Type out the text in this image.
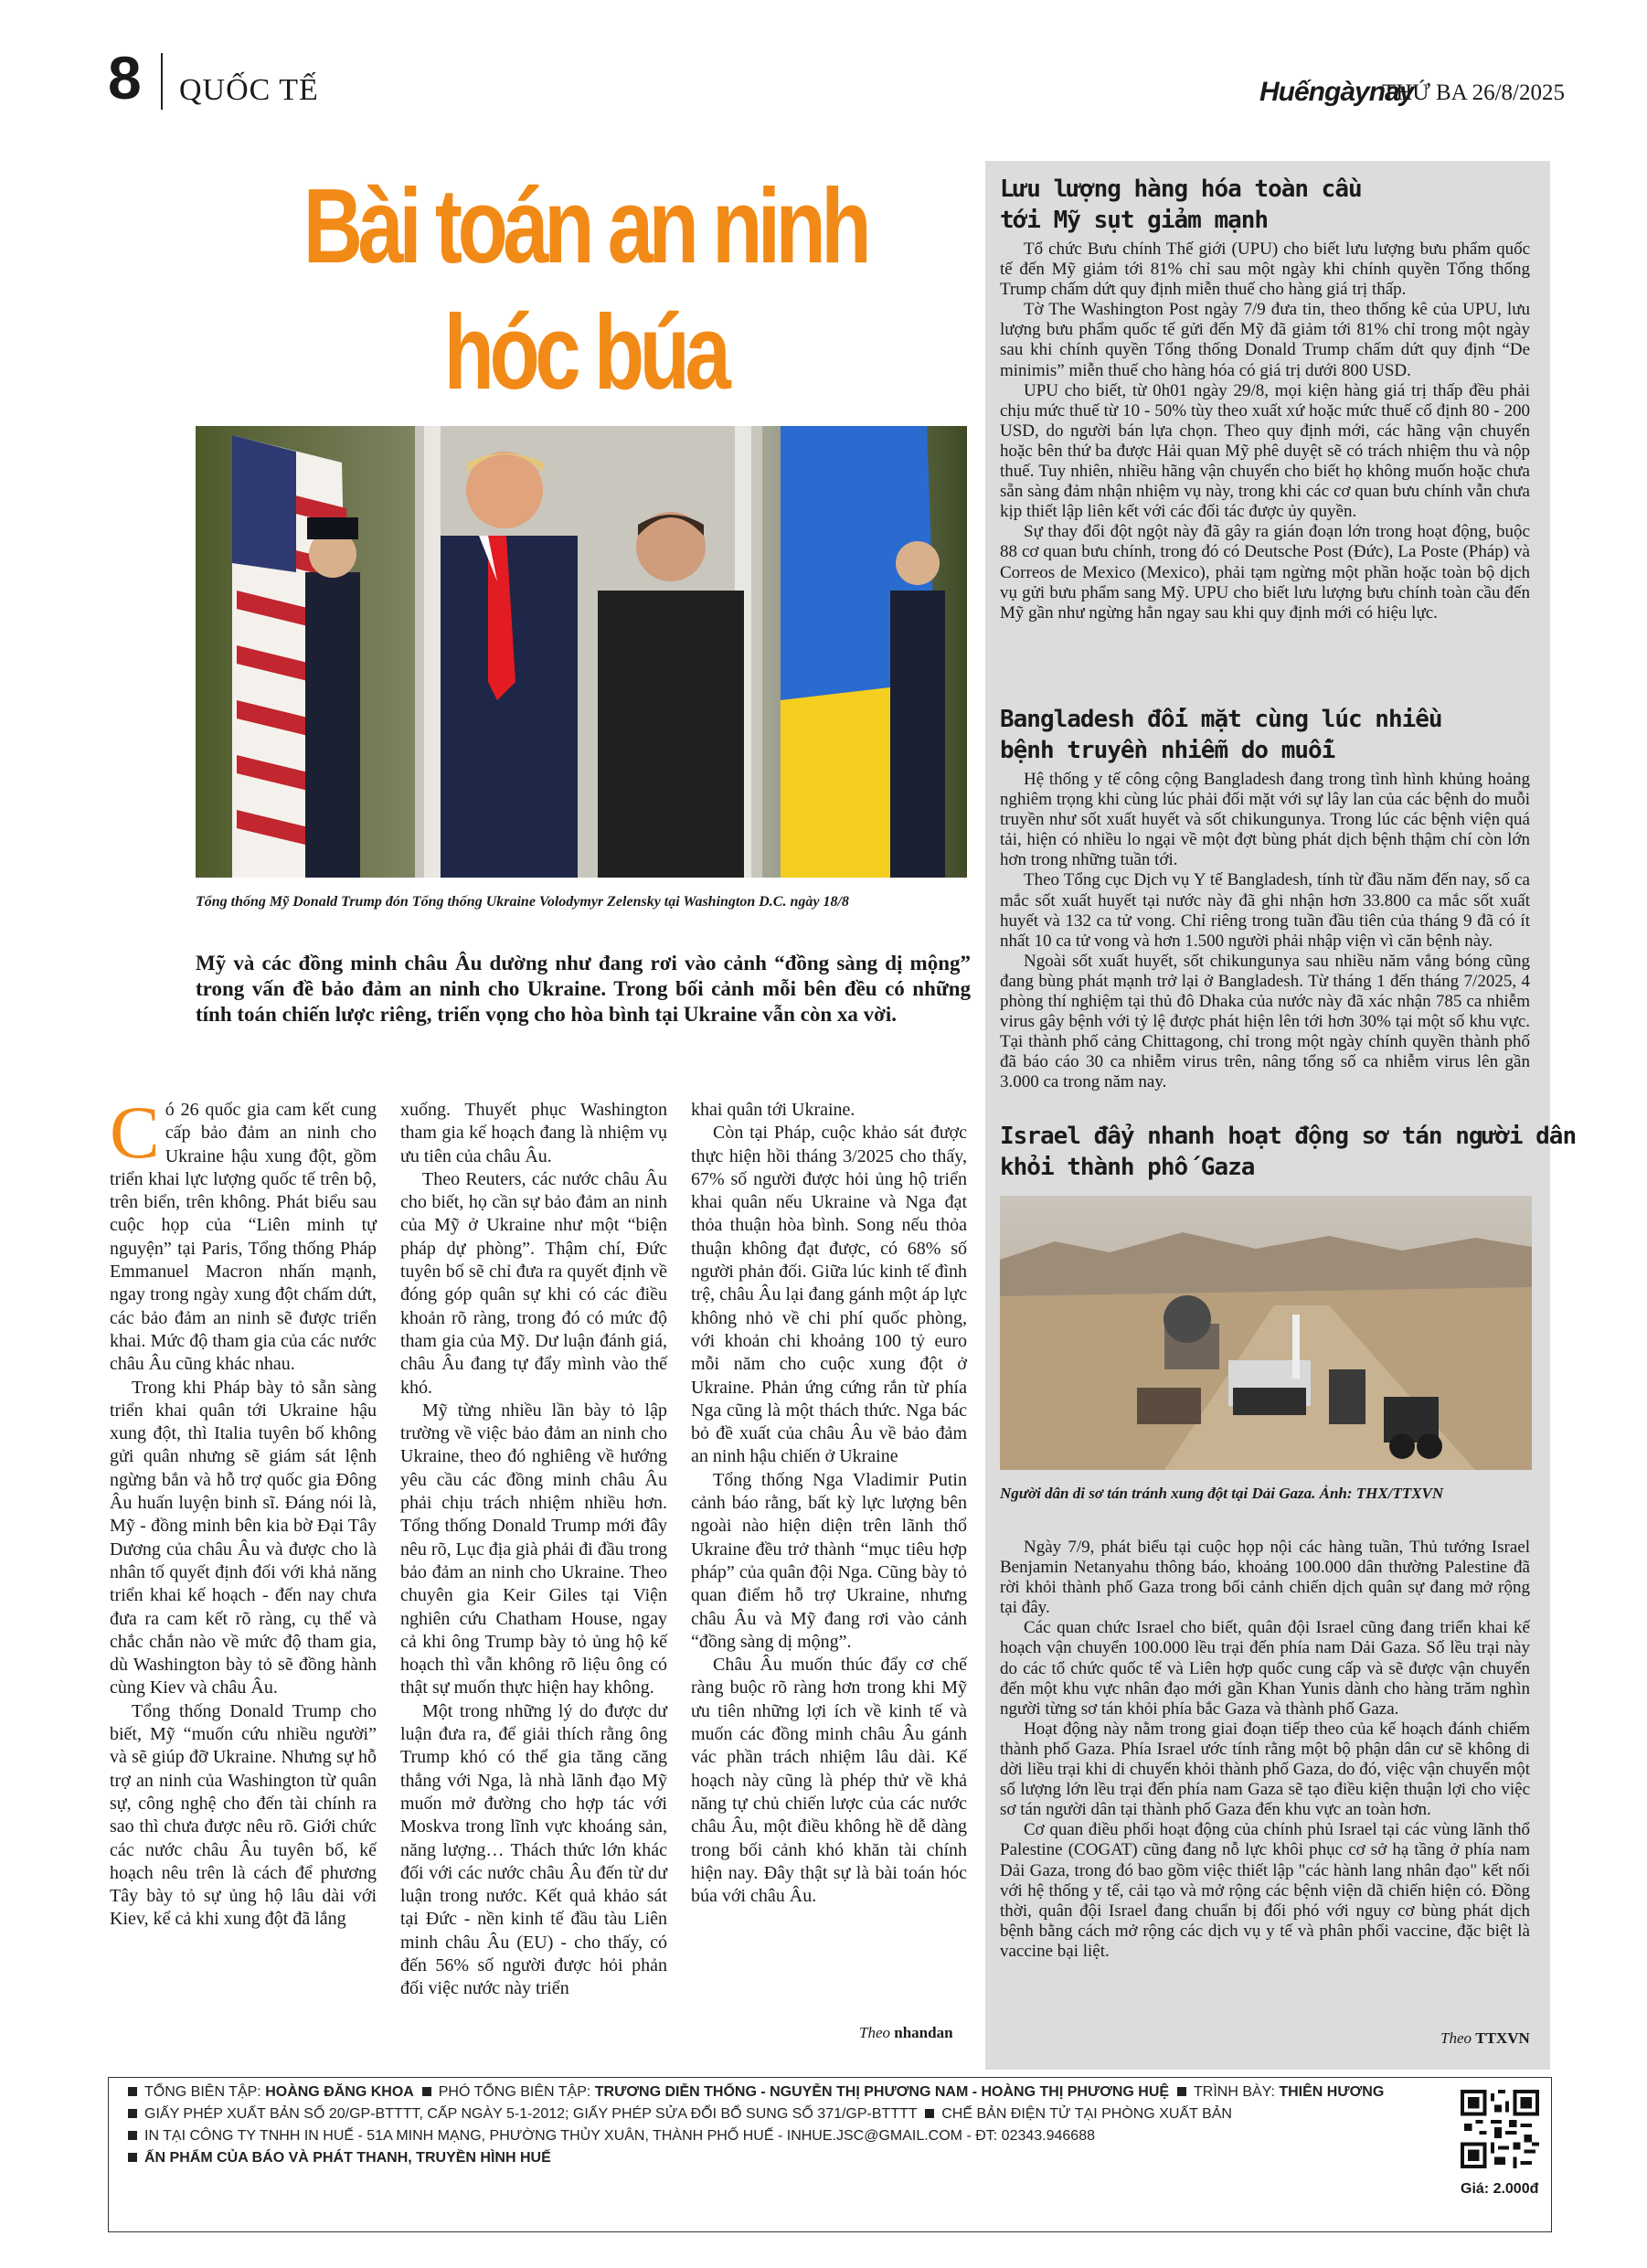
8 QUỐC TẾ	Huếngàynay
THỨ BA 26/8/2025
Bài toán an ninh hóc búa
Tổng thống Mỹ Donald Trump đón Tổng thống Ukraine Volodymyr Zelensky tại Washington D.C. ngày 18/8
Mỹ và các đồng minh châu Âu dường như đang rơi vào cảnh “đồng sàng dị mộng” trong vấn đề bảo đảm an ninh cho Ukraine. Trong bối cảnh mỗi bên đều có những tính toán chiến lược riêng, triển vọng cho hòa bình tại Ukraine vẫn còn xa vời.
C ó 26 quốc gia cam kết cung cấp bảo đảm an ninh cho Ukraine hậu xung đột, gồm triển khai lực lượng quốc tế trên bộ, trên biển, trên không. Phát biểu sau cuộc họp của “Liên minh tự nguyện” tại Paris, Tổng thống Pháp Emmanuel Macron nhấn mạnh, ngay trong ngày xung đột chấm dứt, các bảo đảm an ninh sẽ được triển khai. Mức độ tham gia của các nước châu Âu cũng khác nhau.

Trong khi Pháp bày tỏ sẵn sàng triển khai quân tới Ukraine hậu xung đột, thì Italia tuyên bố không gửi quân nhưng sẽ giám sát lệnh ngừng bắn và hỗ trợ quốc gia Đông Âu huấn luyện binh sĩ. Đáng nói là, Mỹ - đồng minh bên kia bờ Đại Tây Dương của châu Âu và được cho là nhân tố quyết định đối với khả năng triển khai kế hoạch - đến nay chưa đưa ra cam kết rõ ràng, cụ thể và chắc chắn nào về mức độ tham gia, dù Washington bày tỏ sẽ đồng hành cùng Kiev và châu Âu.

Tổng thống Donald Trump cho biết, Mỹ “muốn cứu nhiều người” và sẽ giúp đỡ Ukraine. Nhưng sự hỗ trợ an ninh của Washington từ quân sự, công nghệ cho đến tài chính ra sao thì chưa được nêu rõ. Giới chức các nước châu Âu tuyên bố, kế hoạch nêu trên là cách để phương Tây bày tỏ sự ủng hộ lâu dài với Kiev, kể cả khi xung đột đã lắng

xuống. Thuyết phục Washington tham gia kế hoạch đang là nhiệm vụ ưu tiên của châu Âu.

Theo Reuters, các nước châu Âu cho biết, họ cần sự bảo đảm an ninh của Mỹ ở Ukraine như một “biện pháp dự phòng”. Thậm chí, Đức tuyên bố sẽ chỉ đưa ra quyết định về đóng góp quân sự khi có các điều khoản rõ ràng, trong đó có mức độ tham gia của Mỹ. Dư luận đánh giá, châu Âu đang tự đẩy mình vào thế khó.

Mỹ từng nhiều lần bày tỏ lập trường về việc bảo đảm an ninh cho Ukraine, theo đó nghiêng về hướng yêu cầu các đồng minh châu Âu phải chịu trách nhiệm nhiều hơn. Tổng thống Donald Trump mới đây nêu rõ, Lục địa già phải đi đầu trong bảo đảm an ninh cho Ukraine. Theo chuyên gia Keir Giles tại Viện nghiên cứu Chatham House, ngay cả khi ông Trump bày tỏ ủng hộ kế hoạch thì vẫn không rõ liệu ông có thật sự muốn thực hiện hay không.

Một trong những lý do được dư luận đưa ra, để giải thích rằng ông Trump khó có thể gia tăng căng thẳng với Nga, là nhà lãnh đạo Mỹ muốn mở đường cho hợp tác với Moskva trong lĩnh vực khoáng sản, năng lượng… Thách thức lớn khác đối với các nước châu Âu đến từ dư luận trong nước. Kết quả khảo sát tại Đức - nền kinh tế đầu tàu Liên minh châu Âu (EU) - cho thấy, có đến 56% số người được hỏi phản đối việc nước này triển

khai quân tới Ukraine.

Còn tại Pháp, cuộc khảo sát được thực hiện hồi tháng 3/2025 cho thấy, 67% số người được hỏi ủng hộ triển khai quân nếu Ukraine và Nga đạt thỏa thuận hòa bình. Song nếu thỏa thuận không đạt được, có 68% số người phản đối. Giữa lúc kinh tế đình trệ, châu Âu lại đang gánh một áp lực không nhỏ về chi phí quốc phòng, với khoản chi khoảng 100 tỷ euro mỗi năm cho cuộc xung đột ở Ukraine. Phản ứng cứng rắn từ phía Nga cũng là một thách thức. Nga bác bỏ đề xuất của châu Âu về bảo đảm an ninh hậu chiến ở Ukraine

Tổng thống Nga Vladimir Putin cảnh báo rằng, bất kỳ lực lượng bên ngoài nào hiện diện trên lãnh thổ Ukraine đều trở thành “mục tiêu hợp pháp” của quân đội Nga. Cũng bày tỏ quan điểm hỗ trợ Ukraine, nhưng châu Âu và Mỹ đang rơi vào cảnh “đồng sàng dị mộng”.

Châu Âu muốn thúc đẩy cơ chế ràng buộc rõ ràng hơn trong khi Mỹ ưu tiên những lợi ích về kinh tế và muốn các đồng minh châu Âu gánh vác phần trách nhiệm lâu dài. Kế hoạch này cũng là phép thử về khả năng tự chủ chiến lược của các nước châu Âu, một điều không hề dễ dàng trong bối cảnh khó khăn tài chính hiện nay. Đây thật sự là bài toán hóc búa với châu Âu.

Theo nhandan
Lưu lượng hàng hóa toàn cầu
tới Mỹ sụt giảm mạnh

Tổ chức Bưu chính Thế giới (UPU) cho biết lưu lượng bưu phẩm quốc tế đến Mỹ giảm tới 81% chỉ sau một ngày khi chính quyền Tổng thống Trump chấm dứt quy định miễn thuế cho hàng giá trị thấp.

Tờ The Washington Post ngày 7/9 đưa tin, theo thống kê của UPU, lưu lượng bưu phẩm quốc tế gửi đến Mỹ đã giảm tới 81% chỉ trong một ngày sau khi chính quyền Tổng thống Donald Trump chấm dứt quy định “De minimis” miễn thuế cho hàng hóa có giá trị dưới 800 USD.

UPU cho biết, từ 0h01 ngày 29/8, mọi kiện hàng giá trị thấp đều phải chịu mức thuế từ 10 - 50% tùy theo xuất xứ hoặc mức thuế cố định 80 - 200 USD, do người bán lựa chọn. Theo quy định mới, các hãng vận chuyển hoặc bên thứ ba được Hải quan Mỹ phê duyệt sẽ có trách nhiệm thu và nộp thuế. Tuy nhiên, nhiều hãng vận chuyển cho biết họ không muốn hoặc chưa sẵn sàng đảm nhận nhiệm vụ này, trong khi các cơ quan bưu chính vẫn chưa kịp thiết lập liên kết với các đối tác được ủy quyền.

Sự thay đổi đột ngột này đã gây ra gián đoạn lớn trong hoạt động, buộc 88 cơ quan bưu chính, trong đó có Deutsche Post (Đức), La Poste (Pháp) và Correos de Mexico (Mexico), phải tạm ngừng một phần hoặc toàn bộ dịch vụ gửi bưu phẩm sang Mỹ. UPU cho biết lưu lượng bưu chính toàn cầu đến Mỹ gần như ngừng hẳn ngay sau khi quy định mới có hiệu lực.

Bangladesh đối mặt cùng lúc nhiều
bệnh truyền nhiễm do muỗi

Hệ thống y tế công cộng Bangladesh đang trong tình hình khủng hoảng nghiêm trọng khi cùng lúc phải đối mặt với sự lây lan của các bệnh do muỗi truyền như sốt xuất huyết và sốt chikungunya. Trong lúc các bệnh viện quá tải, hiện có nhiều lo ngại về một đợt bùng phát dịch bệnh thậm chí còn lớn hơn trong những tuần tới.

Theo Tổng cục Dịch vụ Y tế Bangladesh, tính từ đầu năm đến nay, số ca mắc sốt xuất huyết tại nước này đã ghi nhận hơn 33.800 ca mắc sốt xuất huyết và 132 ca tử vong. Chỉ riêng trong tuần đầu tiên của tháng 9 đã có ít nhất 10 ca tử vong và hơn 1.500 người phải nhập viện vì căn bệnh này.

Ngoài sốt xuất huyết, sốt chikungunya sau nhiều năm vắng bóng cũng đang bùng phát mạnh trở lại ở Bangladesh. Từ tháng 1 đến tháng 7/2025, 4 phòng thí nghiệm tại thủ đô Dhaka của nước này đã xác nhận 785 ca nhiễm virus gây bệnh với tỷ lệ được phát hiện lên tới hơn 30% tại một số khu vực. Tại thành phố cảng Chittagong, chỉ trong một ngày chính quyền thành phố đã báo cáo 30 ca nhiễm virus trên, nâng tổng số ca nhiễm virus lên gần 3.000 ca trong năm nay.

Israel đẩy nhanh hoạt động sơ tán người dân
khỏi thành phố Gaza
Người dân di sơ tán tránh xung đột tại Dải Gaza. Ảnh: THX/TTXVN

Ngày 7/9, phát biểu tại cuộc họp nội các hàng tuần, Thủ tướng Israel Benjamin Netanyahu thông báo, khoảng 100.000 dân thường Palestine đã rời khỏi thành phố Gaza trong bối cảnh chiến dịch quân sự đang mở rộng tại đây.

Các quan chức Israel cho biết, quân đội Israel cũng đang triển khai kế hoạch vận chuyển 100.000 lều trại đến phía nam Dải Gaza. Số lều trại này do các tổ chức quốc tế và Liên hợp quốc cung cấp và sẽ được vận chuyển đến một khu vực nhân đạo mới gần Khan Yunis dành cho hàng trăm nghìn người từng sơ tán khỏi phía bắc Gaza và thành phố Gaza.

Hoạt động này nằm trong giai đoạn tiếp theo của kế hoạch đánh chiếm thành phố Gaza. Phía Israel ước tính rằng một bộ phận dân cư sẽ không di dời liều trại khi di chuyển khỏi thành phố Gaza, do đó, việc vận chuyển một số lượng lớn lều trại đến phía nam Gaza sẽ tạo điều kiện thuận lợi cho việc sơ tán người dân tại thành phố Gaza đến khu vực an toàn hơn.

Cơ quan điều phối hoạt động của chính phủ Israel tại các vùng lãnh thổ Palestine (COGAT) cũng đang nỗ lực khôi phục cơ sở hạ tầng ở phía nam Dải Gaza, trong đó bao gồm việc thiết lập "các hành lang nhân đạo" kết nối với hệ thống y tế, cải tạo và mở rộng các bệnh viện dã chiến hiện có. Đồng thời, quân đội Israel đang chuẩn bị đối phó với nguy cơ bùng phát dịch bệnh bằng cách mở rộng các dịch vụ y tế và phân phối vaccine, đặc biệt là vaccine bại liệt.

Theo TTXVN
TỔNG BIÊN TẬP: HOÀNG ĐĂNG KHOA PHÓ TỔNG BIÊN TẬP: TRƯƠNG DIỄN THỐNG - NGUYỄN THỊ PHƯƠNG NAM - HOÀNG THỊ PHƯƠNG HUỆ TRÌNH BÀY: THIÊN HƯƠNG
GIẤY PHÉP XUẤT BẢN SỐ 20/GP-BTTTT, CẤP NGÀY 5-1-2012; GIẤY PHÉP SỬA ĐỔI BỔ SUNG SỐ 371/GP-BTTTT CHẾ BẢN ĐIỆN TỬ TẠI PHÒNG XUẤT BẢN
IN TẠI CÔNG TY TNHH IN HUẾ - 51A MINH MẠNG, PHƯỜNG THỦY XUÂN, THÀNH PHỐ HUẾ - INHUE.JSC@GMAIL.COM - ĐT: 02343.946688
ẤN PHẨM CỦA BÁO VÀ PHÁT THANH, TRUYỀN HÌNH HUẾ
Giá: 2.000đ
